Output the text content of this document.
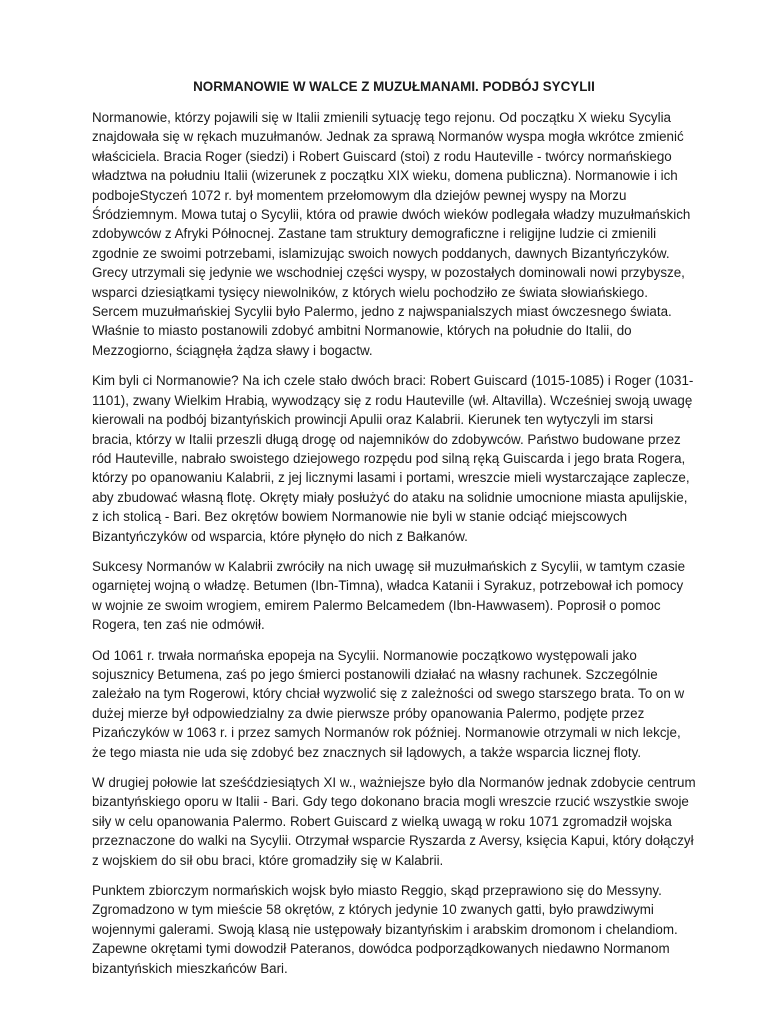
NORMANOWIE W WALCE Z MUZUŁMANAMI. PODBÓJ SYCYLII

Normanowie, którzy pojawili się w Italii zmienili sytuację tego rejonu. Od początku X wieku Sycylia znajdowała się w rękach muzułmanów. Jednak za sprawą Normanów wyspa mogła wkrótce zmienić właściciela. Bracia Roger (siedzi) i Robert Guiscard (stoi) z rodu Hauteville - twórcy normańskiego władztwa na południu Italii (wizerunek z początku XIX wieku, domena publiczna). Normanowie i ich podbojeStyczeń 1072 r. był momentem przełomowym dla dziejów pewnej wyspy na Morzu Śródziemnym. Mowa tutaj o Sycylii, która od prawie dwóch wieków podlegała władzy muzułmańskich zdobywców z Afryki Północnej. Zastane tam struktury demograficzne i religijne ludzie ci zmienili zgodnie ze swoimi potrzebami, islamizując swoich nowych poddanych, dawnych Bizantyńczyków. Grecy utrzymali się jedynie we wschodniej części wyspy, w pozostałych dominowali nowi przybysze, wsparci dziesiątkami tysięcy niewolników, z których wielu pochodziło ze świata słowiańskiego. Sercem muzułmańskiej Sycylii było Palermo, jedno z najwspanialszych miast ówczesnego świata. Właśnie to miasto postanowili zdobyć ambitni Normanowie, których na południe do Italii, do Mezzogiorno, ściągnęła żądza sławy i bogactw.

Kim byli ci Normanowie? Na ich czele stało dwóch braci: Robert Guiscard (1015-1085) i Roger (1031-1101), zwany Wielkim Hrabią, wywodzący się z rodu Hauteville (wł. Altavilla). Wcześniej swoją uwagę kierowali na podbój bizantyńskich prowincji Apulii oraz Kalabrii. Kierunek ten wytyczyli im starsi bracia, którzy w Italii przeszli długą drogę od najemników do zdobywców. Państwo budowane przez ród Hauteville, nabrało swoistego dziejowego rozpędu pod silną ręką Guiscarda i jego brata Rogera, którzy po opanowaniu Kalabrii, z jej licznymi lasami i portami, wreszcie mieli wystarczające zaplecze, aby zbudować własną flotę. Okręty miały posłużyć do ataku na solidnie umocnione miasta apulijskie, z ich stolicą - Bari. Bez okrętów bowiem Normanowie nie byli w stanie odciąć miejscowych Bizantyńczyków od wsparcia, które płynęło do nich z Bałkanów.

Sukcesy Normanów w Kalabrii zwróciły na nich uwagę sił muzułmańskich z Sycylii, w tamtym czasie ogarniętej wojną o władzę. Betumen (Ibn-Timna), władca Katanii i Syrakuz, potrzebował ich pomocy w wojnie ze swoim wrogiem, emirem Palermo Belcamedem (Ibn-Hawwasem). Poprosił o pomoc Rogera, ten zaś nie odmówił.

Od 1061 r. trwała normańska epopeja na Sycylii. Normanowie początkowo występowali jako sojusznicy Betumena, zaś po jego śmierci postanowili działać na własny rachunek. Szczególnie zależało na tym Rogerowi, który chciał wyzwolić się z zależności od swego starszego brata. To on w dużej mierze był odpowiedzialny za dwie pierwsze próby opanowania Palermo, podjęte przez Pizańczyków w 1063 r. i przez samych Normanów rok później. Normanowie otrzymali w nich lekcje, że tego miasta nie uda się zdobyć bez znacznych sił lądowych, a także wsparcia licznej floty.

W drugiej połowie lat sześćdziesiątych XI w., ważniejsze było dla Normanów jednak zdobycie centrum bizantyńskiego oporu w Italii - Bari. Gdy tego dokonano bracia mogli wreszcie rzucić wszystkie swoje siły w celu opanowania Palermo. Robert Guiscard z wielką uwagą w roku 1071 zgromadził wojska przeznaczone do walki na Sycylii. Otrzymał wsparcie Ryszarda z Aversy, księcia Kapui, który dołączył z wojskiem do sił obu braci, które gromadziły się w Kalabrii.

Punktem zbiorczym normańskich wojsk było miasto Reggio, skąd przeprawiono się do Messyny. Zgromadzono w tym mieście 58 okrętów, z których jedynie 10 zwanych gatti, było prawdziwymi wojennymi galerami. Swoją klasą nie ustępowały bizantyńskim i arabskim dromonom i chelandiom. Zapewne okrętami tymi dowodził Pateranos, dowódca podporządkowanych niedawno Normanom bizantyńskich mieszkańców Bari.
